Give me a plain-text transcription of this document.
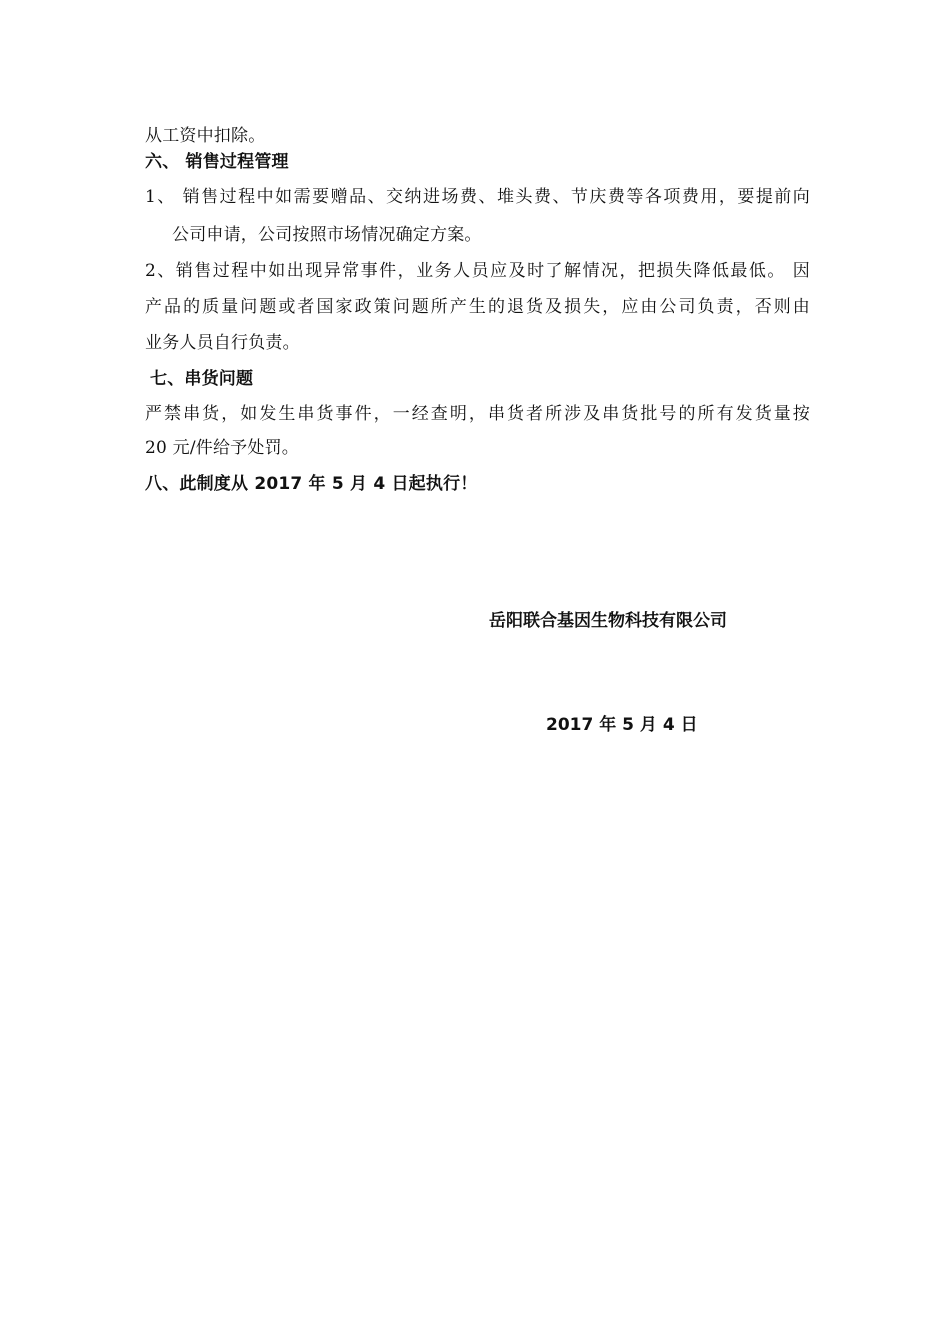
从工资中扣除。
六、 销售过程管理
1、 销售过程中如需要赠品、交纳进场费、堆头费、节庆费等各项费用，要提前向
公司申请，公司按照市场情况确定方案。
2、销售过程中如出现异常事件，业务人员应及时了解情况，把损失降低最低。 因
产品的质量问题或者国家政策问题所产生的退货及损失，应由公司负责，否则由
业务人员自行负责。
七、串货问题
严禁串货，如发生串货事件，一经查明，串货者所涉及串货批号的所有发货量按
20 元/件给予处罚。
八、此制度从 2017 年 5 月 4 日起执行！
岳阳联合基因生物科技有限公司
2017 年 5 月 4 日
